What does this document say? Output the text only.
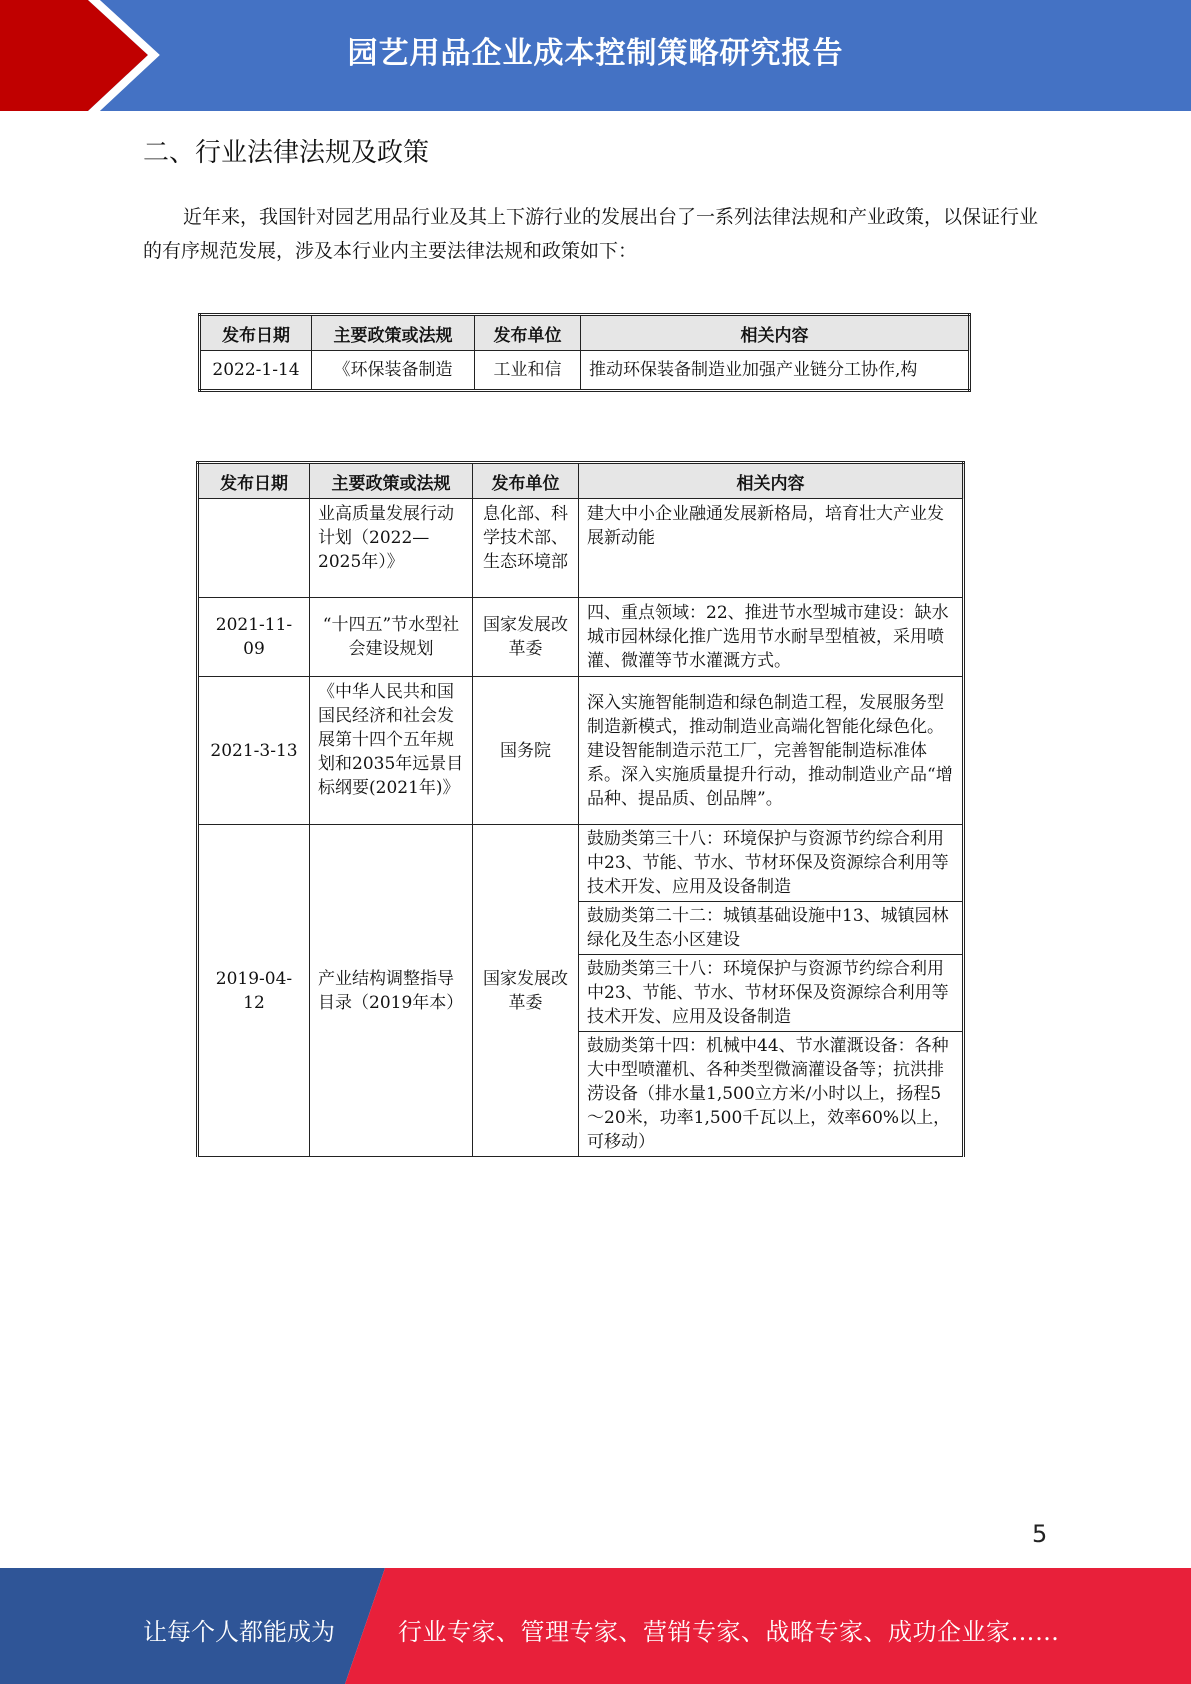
园艺用品企业成本控制策略研究报告
二、行业法律法规及政策
近年来，我国针对园艺用品行业及其上下游行业的发展出台了一系列法律法规和产业政策，以保证行业的有序规范发展，涉及本行业内主要法律法规和政策如下：
发布日期	主要政策或法规	发布单位	相关内容
2022-1-14	《环保装备制造	工业和信	推动环保装备制造业加强产业链分工协作,构
发布日期	主要政策或法规	发布单位	相关内容
	业高质量发展行动计划（2022—2025年）》	息化部、科学技术部、生态环境部	建大中小企业融通发展新格局，培育壮大产业发展新动能
2021-11-09	“十四五”节水型社会建设规划	国家发展改革委	四、重点领域：22、推进节水型城市建设：缺水城市园林绿化推广选用节水耐旱型植被，采用喷灌、微灌等节水灌溉方式。
2021-3-13	《中华人民共和国国民经济和社会发展第十四个五年规划和2035年远景目标纲要(2021年)》	国务院	深入实施智能制造和绿色制造工程，发展服务型制造新模式，推动制造业高端化智能化绿色化。建设智能制造示范工厂，完善智能制造标准体系。深入实施质量提升行动，推动制造业产品“增品种、提品质、创品牌”。
2019-04-12	产业结构调整指导目录（2019年本）	国家发展改革委	鼓励类第三十八：环境保护与资源节约综合利用中23、节能、节水、节材环保及资源综合利用等技术开发、应用及设备制造
鼓励类第二十二：城镇基础设施中13、城镇园林绿化及生态小区建设
鼓励类第三十八：环境保护与资源节约综合利用中23、节能、节水、节材环保及资源综合利用等技术开发、应用及设备制造
鼓励类第十四：机械中44、节水灌溉设备：各种大中型喷灌机、各种类型微滴灌设备等；抗洪排涝设备（排水量1,500立方米/小时以上，扬程5～20米，功率1,500千瓦以上，效率60%以上，可移动）
5
让每个人都能成为	行业专家、管理专家、营销专家、战略专家、成功企业家……
